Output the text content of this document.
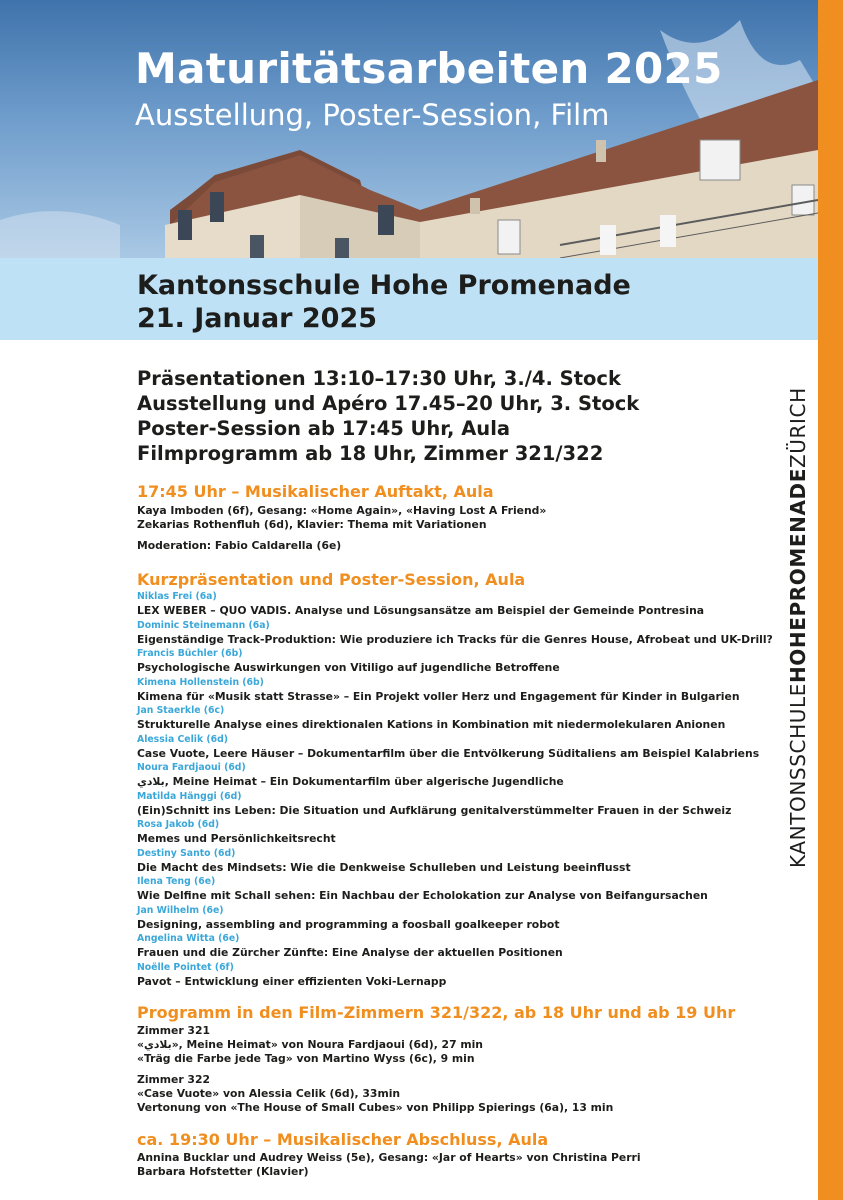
Maturitätsarbeiten 2025
Ausstellung, Poster-Session, Film

Kantonsschule Hohe Promenade

21. Januar 2025

Präsentationen 13:10–17:30 Uhr, 3./4. Stock
Ausstellung und Apéro 17.45–20 Uhr, 3. Stock
Poster-Session ab 17:45 Uhr, Aula
Filmprogramm ab 18 Uhr, Zimmer 321/322

17:45 Uhr – Musikalischer Auftakt, Aula

Kaya Imboden (6f), Gesang: «Home Again», «Having Lost A Friend»
Zekarias Rothenfluh (6d), Klavier: Thema mit Variationen
Moderation: Fabio Caldarella (6e)

Kurzpräsentation und Poster-Session, Aula

Niklas Frei (6a)
LEX WEBER – QUO VADIS. Analyse und Lösungsansätze am Beispiel der Gemeinde Pontresina
Dominic Steinemann (6a)
Eigenständige Track-Produktion: Wie produziere ich Tracks für die Genres House, Afrobeat und UK-Drill?
Francis Büchler (6b)
Psychologische Auswirkungen von Vitiligo auf jugendliche Betroffene
Kimena Hollenstein (6b)
Kimena für «Musik statt Strasse» – Ein Projekt voller Herz und Engagement für Kinder in Bulgarien
Jan Staerkle (6c)
Strukturelle Analyse eines direktionalen Kations in Kombination mit niedermolekularen Anionen
Alessia Celik (6d)
Case Vuote, Leere Häuser – Dokumentarfilm über die Entvölkerung Süditaliens am Beispiel Kalabriens
Noura Fardjaoui (6d)
بلادي, Meine Heimat – Ein Dokumentarfilm über algerische Jugendliche
Matilda Hänggi (6d)
(Ein)Schnitt ins Leben: Die Situation und Aufklärung genitalverstümmelter Frauen in der Schweiz
Rosa Jakob (6d)
Memes und Persönlichkeitsrecht
Destiny Santo (6d)
Die Macht des Mindsets: Wie die Denkweise Schulleben und Leistung beeinflusst
Ilena Teng (6e)
Wie Delfine mit Schall sehen: Ein Nachbau der Echolokation zur Analyse von Beifangursachen
Jan Wilhelm (6e)
Designing, assembling and programming a foosball goalkeeper robot
Angelina Witta (6e)
Frauen und die Zürcher Zünfte: Eine Analyse der aktuellen Positionen
Noëlle Pointet (6f)
Pavot – Entwicklung einer effizienten Voki-Lernapp

Programm in den Film-Zimmern 321/322, ab 18 Uhr und ab 19 Uhr

Zimmer 321
«بلادي», Meine Heimat» von Noura Fardjaoui (6d), 27 min
«Träg die Farbe jede Tag» von Martino Wyss (6c), 9 min
Zimmer 322
«Case Vuote» von Alessia Celik (6d), 33min
Vertonung von «The House of Small Cubes» von Philipp Spierings (6a), 13 min

ca. 19:30 Uhr – Musikalischer Abschluss, Aula

Annina Bucklar und Audrey Weiss (5e), Gesang: «Jar of Hearts» von Christina Perri
Barbara Hofstetter (Klavier)
KANTONSSCHULEHOHEPROMENADEZÜRICH
